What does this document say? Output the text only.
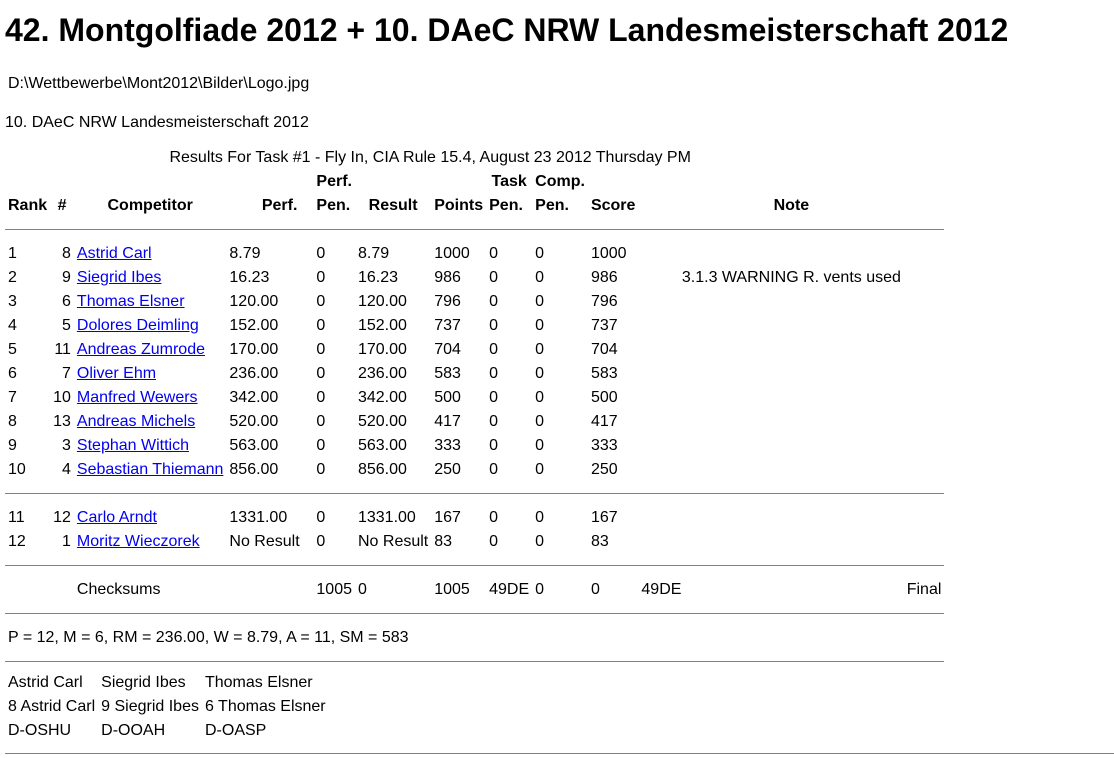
42. Montgolfiade 2012 + 10. DAeC NRW Landesmeisterschaft 2012
D:\Wettbewerbe\Mont2012\Bilder\Logo.jpg
10. DAeC NRW Landesmeisterschaft 2012
Results For Task #1 - Fly In, CIA Rule 15.4, August 23 2012 Thursday PM										
				Perf.			Task	Comp.		
Rank	#	Competitor	Perf.	Pen.	Result	Points	Pen.	Pen.	Score	Note

1	8	Astrid Carl	8.79	0	8.79	1000	0	0	1000	
2	9	Siegrid Ibes	16.23	0	16.23	986	0	0	986	3.1.3 WARNING R. vents used
3	6	Thomas Elsner	120.00	0	120.00	796	0	0	796	
4	5	Dolores Deimling	152.00	0	152.00	737	0	0	737	
5	11	Andreas Zumrode	170.00	0	170.00	704	0	0	704	
6	7	Oliver Ehm	236.00	0	236.00	583	0	0	583	
7	10	Manfred Wewers	342.00	0	342.00	500	0	0	500	
8	13	Andreas Michels	520.00	0	520.00	417	0	0	417	
9	3	Stephan Wittich	563.00	0	563.00	333	0	0	333	
10	4	Sebastian Thiemann	856.00	0	856.00	250	0	0	250	

11	12	Carlo Arndt	1331.00	0	1331.00	167	0	0	167	
12	1	Moritz Wieczorek	No Result	0	No Result	83	0	0	83	

		Checksums		1005	0	1005	49DE	0	0	49DE Final

P = 12, M = 6, RM = 236.00, W = 8.79, A = 11, SM = 583										

Astrid Carl	Siegrid Ibes	Thomas Elsner
8 Astrid Carl	9 Siegrid Ibes	6 Thomas Elsner
D-OSHU	D-OOAH	D-OASP
